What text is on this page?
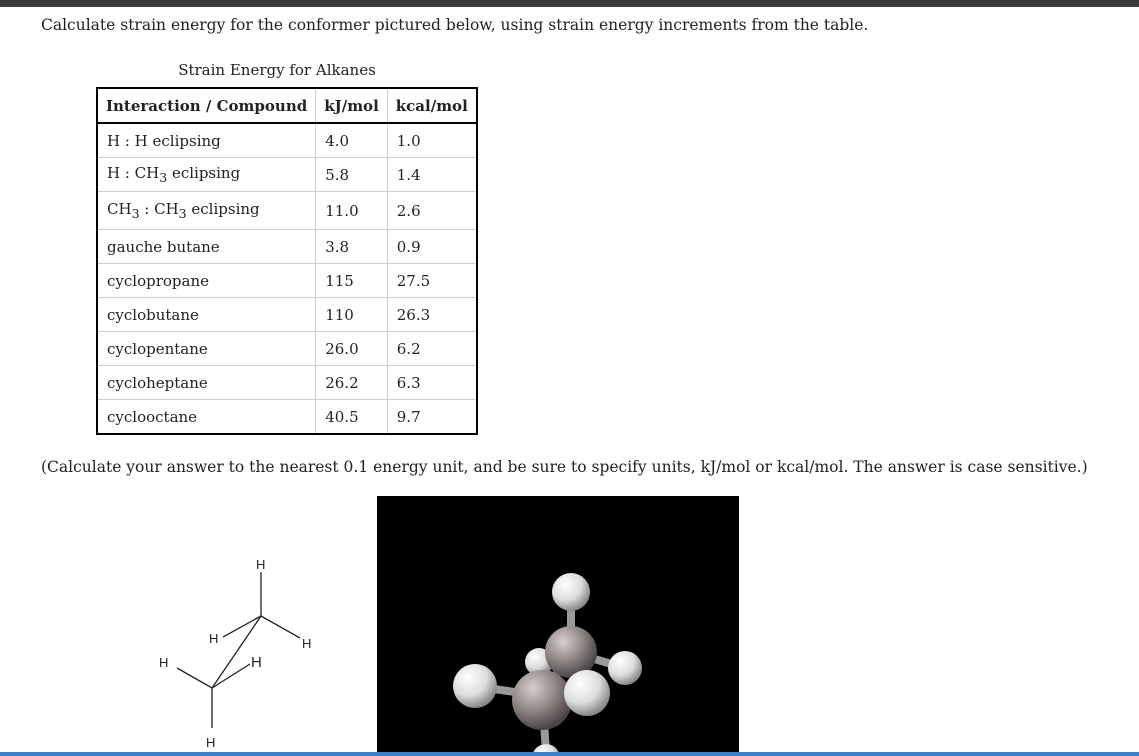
Calculate strain energy for the conformer pictured below, using strain energy increments from the table.
Strain Energy for Alkanes
Interaction / Compound	kJ/mol	kcal/mol
H : H eclipsing	4.0	1.0
H : $CH_3$ eclipsing	5.8	1.4
$CH_3$ : $CH_3$ eclipsing	11.0	2.6
gauche butane	3.8	0.9
cyclopropane	115	27.5
cyclobutane	110	26.3
cyclopentane	26.0	6.2
cycloheptane	26.2	6.3
cyclooctane	40.5	9.7
(Calculate your answer to the nearest 0.1 energy unit, and be sure to specify units, kJ/mol or kcal/mol. The answer is case sensitive.)
H
H
H
H	H
H
